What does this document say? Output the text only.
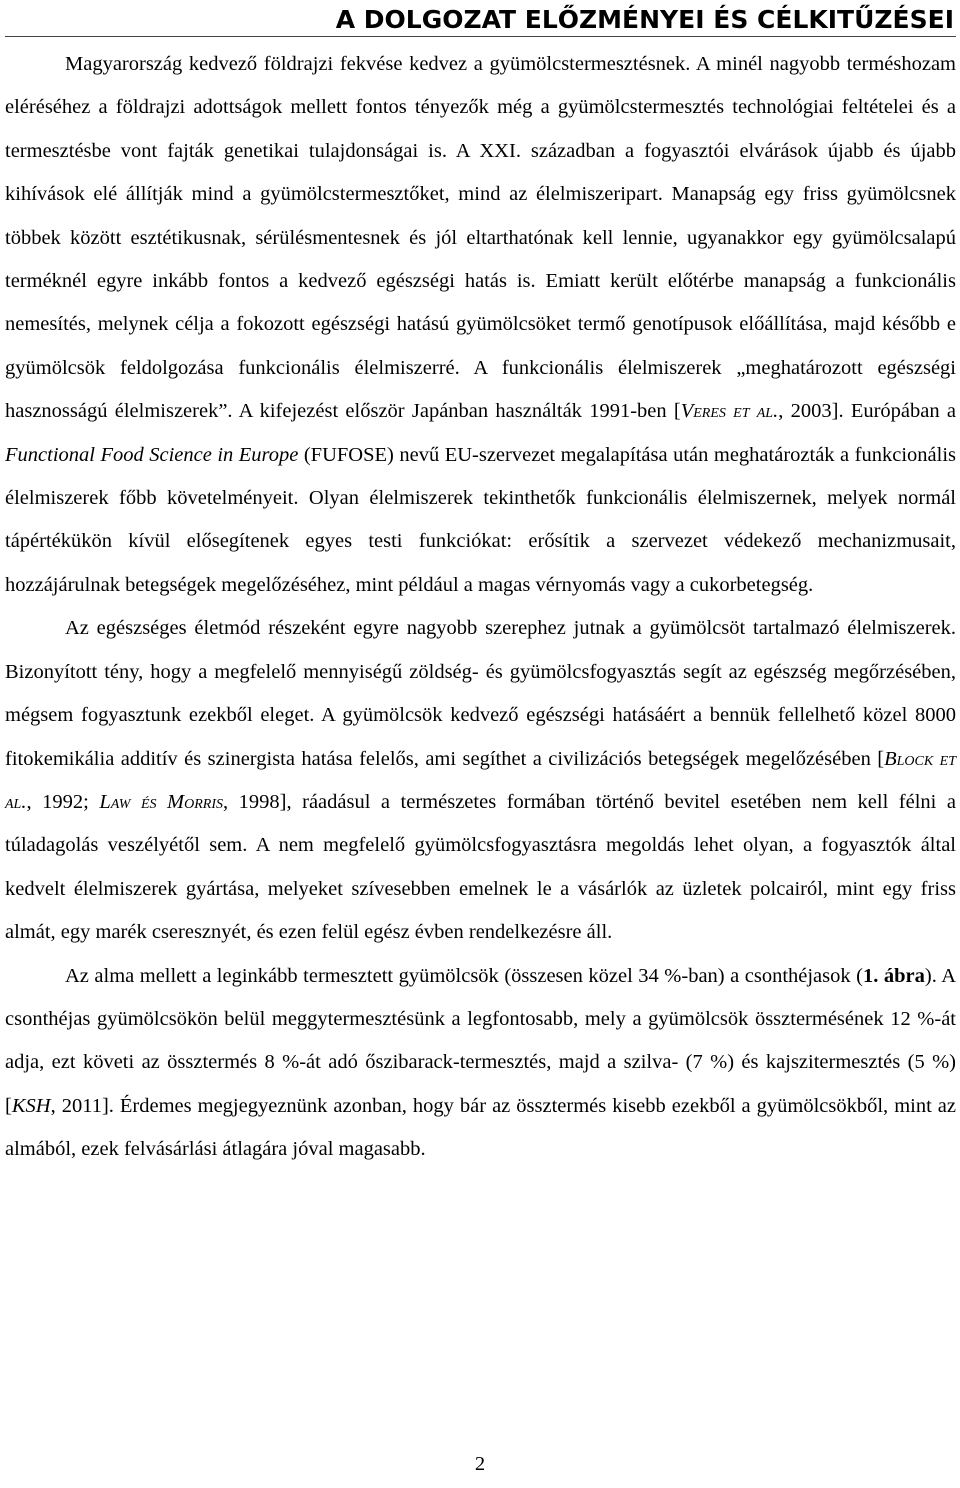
A DOLGOZAT ELŐZMÉNYEI ÉS CÉLKITŰZÉSEI

Magyarország kedvező földrajzi fekvése kedvez a gyümölcstermesztésnek. A minél nagyobb terméshozam eléréséhez a földrajzi adottságok mellett fontos tényezők még a gyümölcstermesztés technológiai feltételei és a termesztésbe vont fajták genetikai tulajdonságai is. A XXI. században a fogyasztói elvárások újabb és újabb kihívások elé állítják mind a gyümölcstermesztőket, mind az élelmiszeripart. Manapság egy friss gyümölcsnek többek között esztétikusnak, sérülésmentesnek és jól eltarthatónak kell lennie, ugyanakkor egy gyümölcsalapú terméknél egyre inkább fontos a kedvező egészségi hatás is. Emiatt került előtérbe manapság a funkcionális nemesítés, melynek célja a fokozott egészségi hatású gyümölcsöket termő genotípusok előállítása, majd később e gyümölcsök feldolgozása funkcionális élelmiszerré. A funkcionális élelmiszerek „meghatározott egészségi hasznosságú élelmiszerek”. A kifejezést először Japánban használták 1991-ben [Veres et al., 2003]. Európában a Functional Food Science in Europe (FUFOSE) nevű EU-szervezet megalapítása után meghatározták a funkcionális élelmiszerek főbb követelményeit. Olyan élelmiszerek tekinthetők funkcionális élelmiszernek, melyek normál tápértékükön kívül elősegítenek egyes testi funkciókat: erősítik a szervezet védekező mechanizmusait, hozzájárulnak betegségek megelőzéséhez, mint például a magas vérnyomás vagy a cukorbetegség.

Az egészséges életmód részeként egyre nagyobb szerephez jutnak a gyümölcsöt tartalmazó élelmiszerek. Bizonyított tény, hogy a megfelelő mennyiségű zöldség- és gyümölcsfogyasztás segít az egészség megőrzésében, mégsem fogyasztunk ezekből eleget. A gyümölcsök kedvező egészségi hatásáért a bennük fellelhető közel 8000 fitokemikália additív és szinergista hatása felelős, ami segíthet a civilizációs betegségek megelőzésében [Block et al., 1992; Law és Morris, 1998], ráadásul a természetes formában történő bevitel esetében nem kell félni a túladagolás veszélyétől sem. A nem megfelelő gyümölcsfogyasztásra megoldás lehet olyan, a fogyasztók által kedvelt élelmiszerek gyártása, melyeket szívesebben emelnek le a vásárlók az üzletek polcairól, mint egy friss almát, egy marék cseresznyét, és ezen felül egész évben rendelkezésre áll.

Az alma mellett a leginkább termesztett gyümölcsök (összesen közel 34 %-ban) a csonthéjasok (1. ábra). A csonthéjas gyümölcsökön belül meggytermesztésünk a legfontosabb, mely a gyümölcsök össztermésének 12 %-át adja, ezt követi az össztermés 8 %-át adó őszibarack-termesztés, majd a szilva- (7 %) és kajszitermesztés (5 %) [KSH, 2011]. Érdemes megjegyeznünk azonban, hogy bár az össztermés kisebb ezekből a gyümölcsökből, mint az almából, ezek felvásárlási átlagára jóval magasabb.

2
